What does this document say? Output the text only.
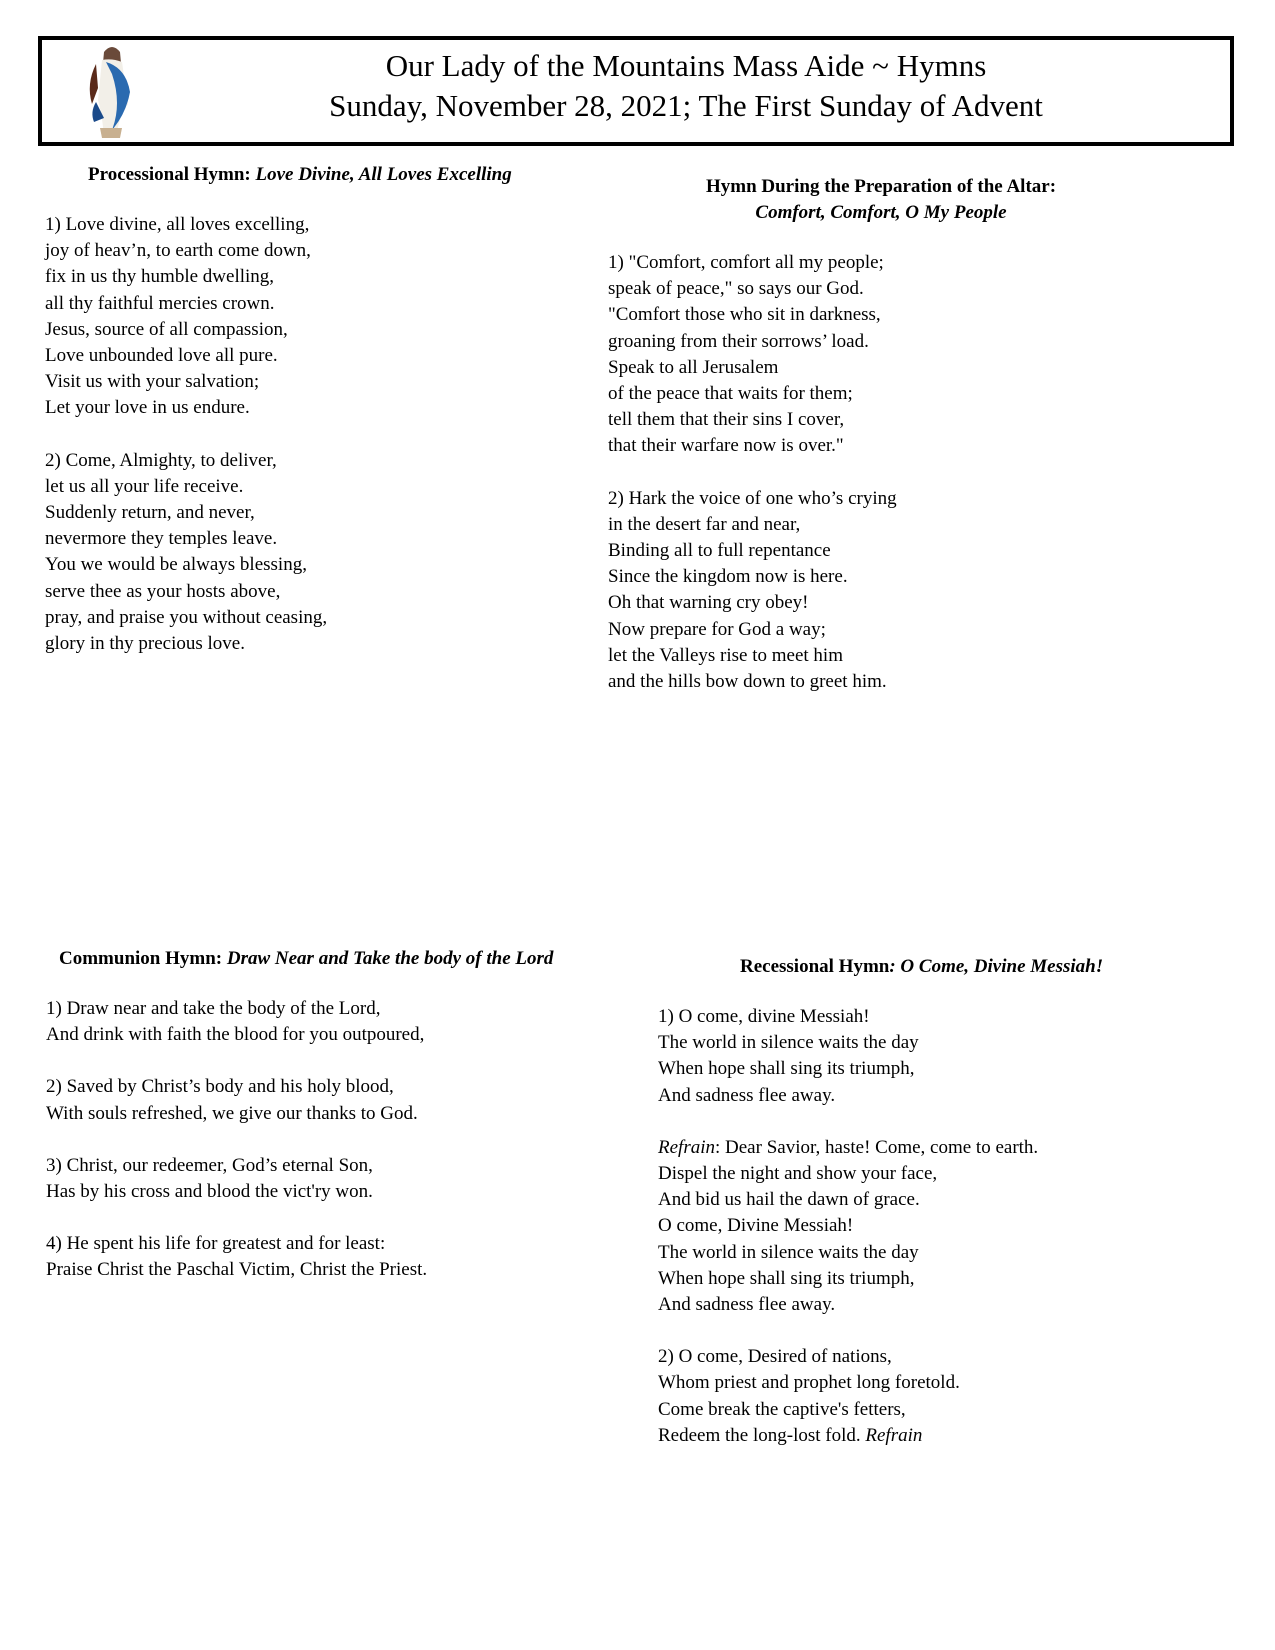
Our Lady of the Mountains Mass Aide ~ Hymns
Sunday, November 28, 2021; The First Sunday of Advent
Processional Hymn: Love Divine, All Loves Excelling
1) Love divine, all loves excelling,
joy of heav’n, to earth come down,
fix in us thy humble dwelling,
all thy faithful mercies crown.
Jesus, source of all compassion,
Love unbounded love all pure.
Visit us with your salvation;
Let your love in us endure.
2) Come, Almighty, to deliver,
let us all your life receive.
Suddenly return, and never,
nevermore they temples leave.
You we would be always blessing,
serve thee as your hosts above,
pray, and praise you without ceasing,
glory in thy precious love.
Hymn During the Preparation of the Altar:
Comfort, Comfort, O My People
1) "Comfort, comfort all my people;
speak of peace," so says our God.
"Comfort those who sit in darkness,
groaning from their sorrows’ load.
Speak to all Jerusalem
of the peace that waits for them;
tell them that their sins I cover,
that their warfare now is over."
2) Hark the voice of one who’s crying
in the desert far and near,
Binding all to full repentance
Since the kingdom now is here.
Oh that warning cry obey!
Now prepare for God a way;
let the Valleys rise to meet him
and the hills bow down to greet him.
Communion Hymn: Draw Near and Take the body of the Lord
1) Draw near and take the body of the Lord,
And drink with faith the blood for you outpoured,
2) Saved by Christ’s body and his holy blood,
With souls refreshed, we give our thanks to God.
3) Christ, our redeemer, God’s eternal Son,
Has by his cross and blood the vict'ry won.
4) He spent his life for greatest and for least:
Praise Christ the Paschal Victim, Christ the Priest.
Recessional Hymn: O Come, Divine Messiah!
1) O come, divine Messiah!
The world in silence waits the day
When hope shall sing its triumph,
And sadness flee away.
Refrain: Dear Savior, haste! Come, come to earth.
Dispel the night and show your face,
And bid us hail the dawn of grace.
O come, Divine Messiah!
The world in silence waits the day
When hope shall sing its triumph,
And sadness flee away.
2) O come, Desired of nations,
Whom priest and prophet long foretold.
Come break the captive's fetters,
Redeem the long-lost fold. Refrain
